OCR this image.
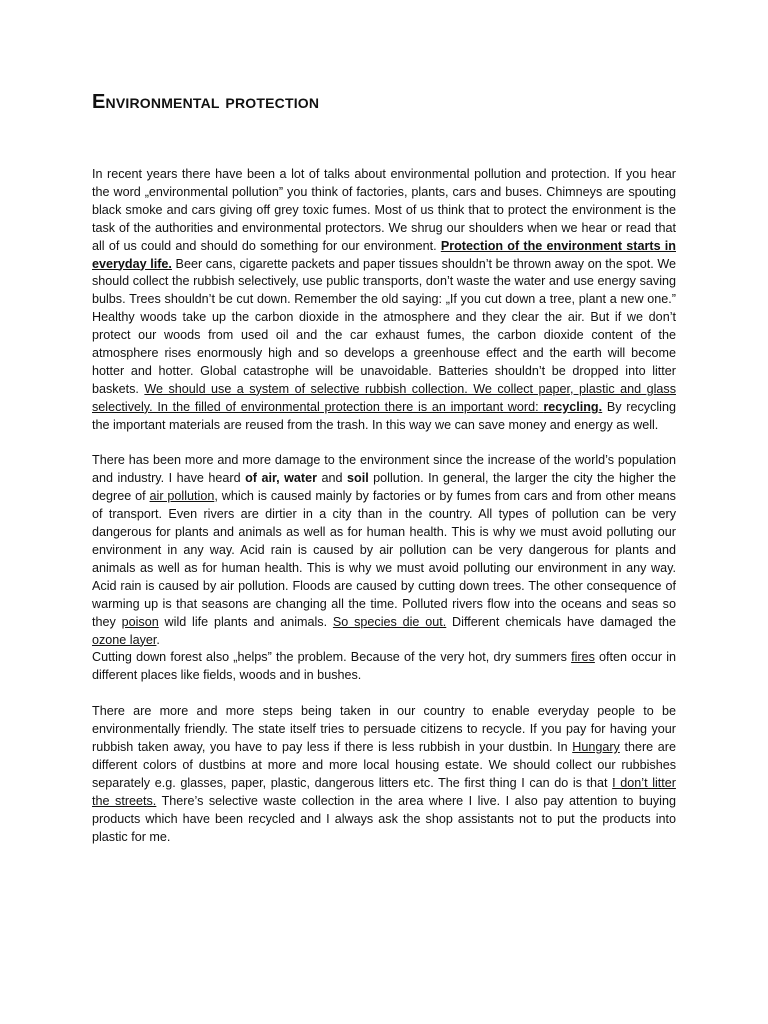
Environmental protection

In recent years there have been a lot of talks about environmental pollution and protection. If you hear the word „environmental pollution” you think of factories, plants, cars and buses. Chimneys are spouting black smoke and cars giving off grey toxic fumes. Most of us think that to protect the environment is the task of the authorities and environmental protectors. We shrug our shoulders when we hear or read that all of us could and should do something for our environment. Protection of the environment starts in everyday life. Beer cans, cigarette packets and paper tissues shouldn’t be thrown away on the spot. We should collect the rubbish selectively, use public transports, don’t waste the water and use energy saving bulbs. Trees shouldn’t be cut down. Remember the old saying: „If you cut down a tree, plant a new one.” Healthy woods take up the carbon dioxide in the atmosphere and they clear the air. But if we don’t protect our woods from used oil and the car exhaust fumes, the carbon dioxide content of the atmosphere rises enormously high and so develops a greenhouse effect and the earth will become hotter and hotter. Global catastrophe will be unavoidable. Batteries shouldn’t be dropped into litter baskets. We should use a system of selective rubbish collection. We collect paper, plastic and glass selectively. In the filled of environmental protection there is an important word: recycling. By recycling the important materials are reused from the trash. In this way we can save money and energy as well.

There has been more and more damage to the environment since the increase of the world’s population and industry. I have heard of air, water and soil pollution. In general, the larger the city the higher the degree of air pollution, which is caused mainly by factories or by fumes from cars and from other means of transport. Even rivers are dirtier in a city than in the country. All types of pollution can be very dangerous for plants and animals as well as for human health. This is why we must avoid polluting our environment in any way. Acid rain is caused by air pollution can be very dangerous for plants and animals as well as for human health. This is why we must avoid polluting our environment in any way. Acid rain is caused by air pollution. Floods are caused by cutting down trees. The other consequence of warming up is that seasons are changing all the time. Polluted rivers flow into the oceans and seas so they poison wild life plants and animals. So species die out. Different chemicals have damaged the ozone layer.

Cutting down forest also „helps” the problem. Because of the very hot, dry summers fires often occur in different places like fields, woods and in bushes.

There are more and more steps being taken in our country to enable everyday people to be environmentally friendly. The state itself tries to persuade citizens to recycle. If you pay for having your rubbish taken away, you have to pay less if there is less rubbish in your dustbin. In Hungary there are different colors of dustbins at more and more local housing estate. We should collect our rubbishes separately e.g. glasses, paper, plastic, dangerous litters etc. The first thing I can do is that I don’t litter the streets. There’s selective waste collection in the area where I live. I also pay attention to buying products which have been recycled and I always ask the shop assistants not to put the products into plastic for me.
